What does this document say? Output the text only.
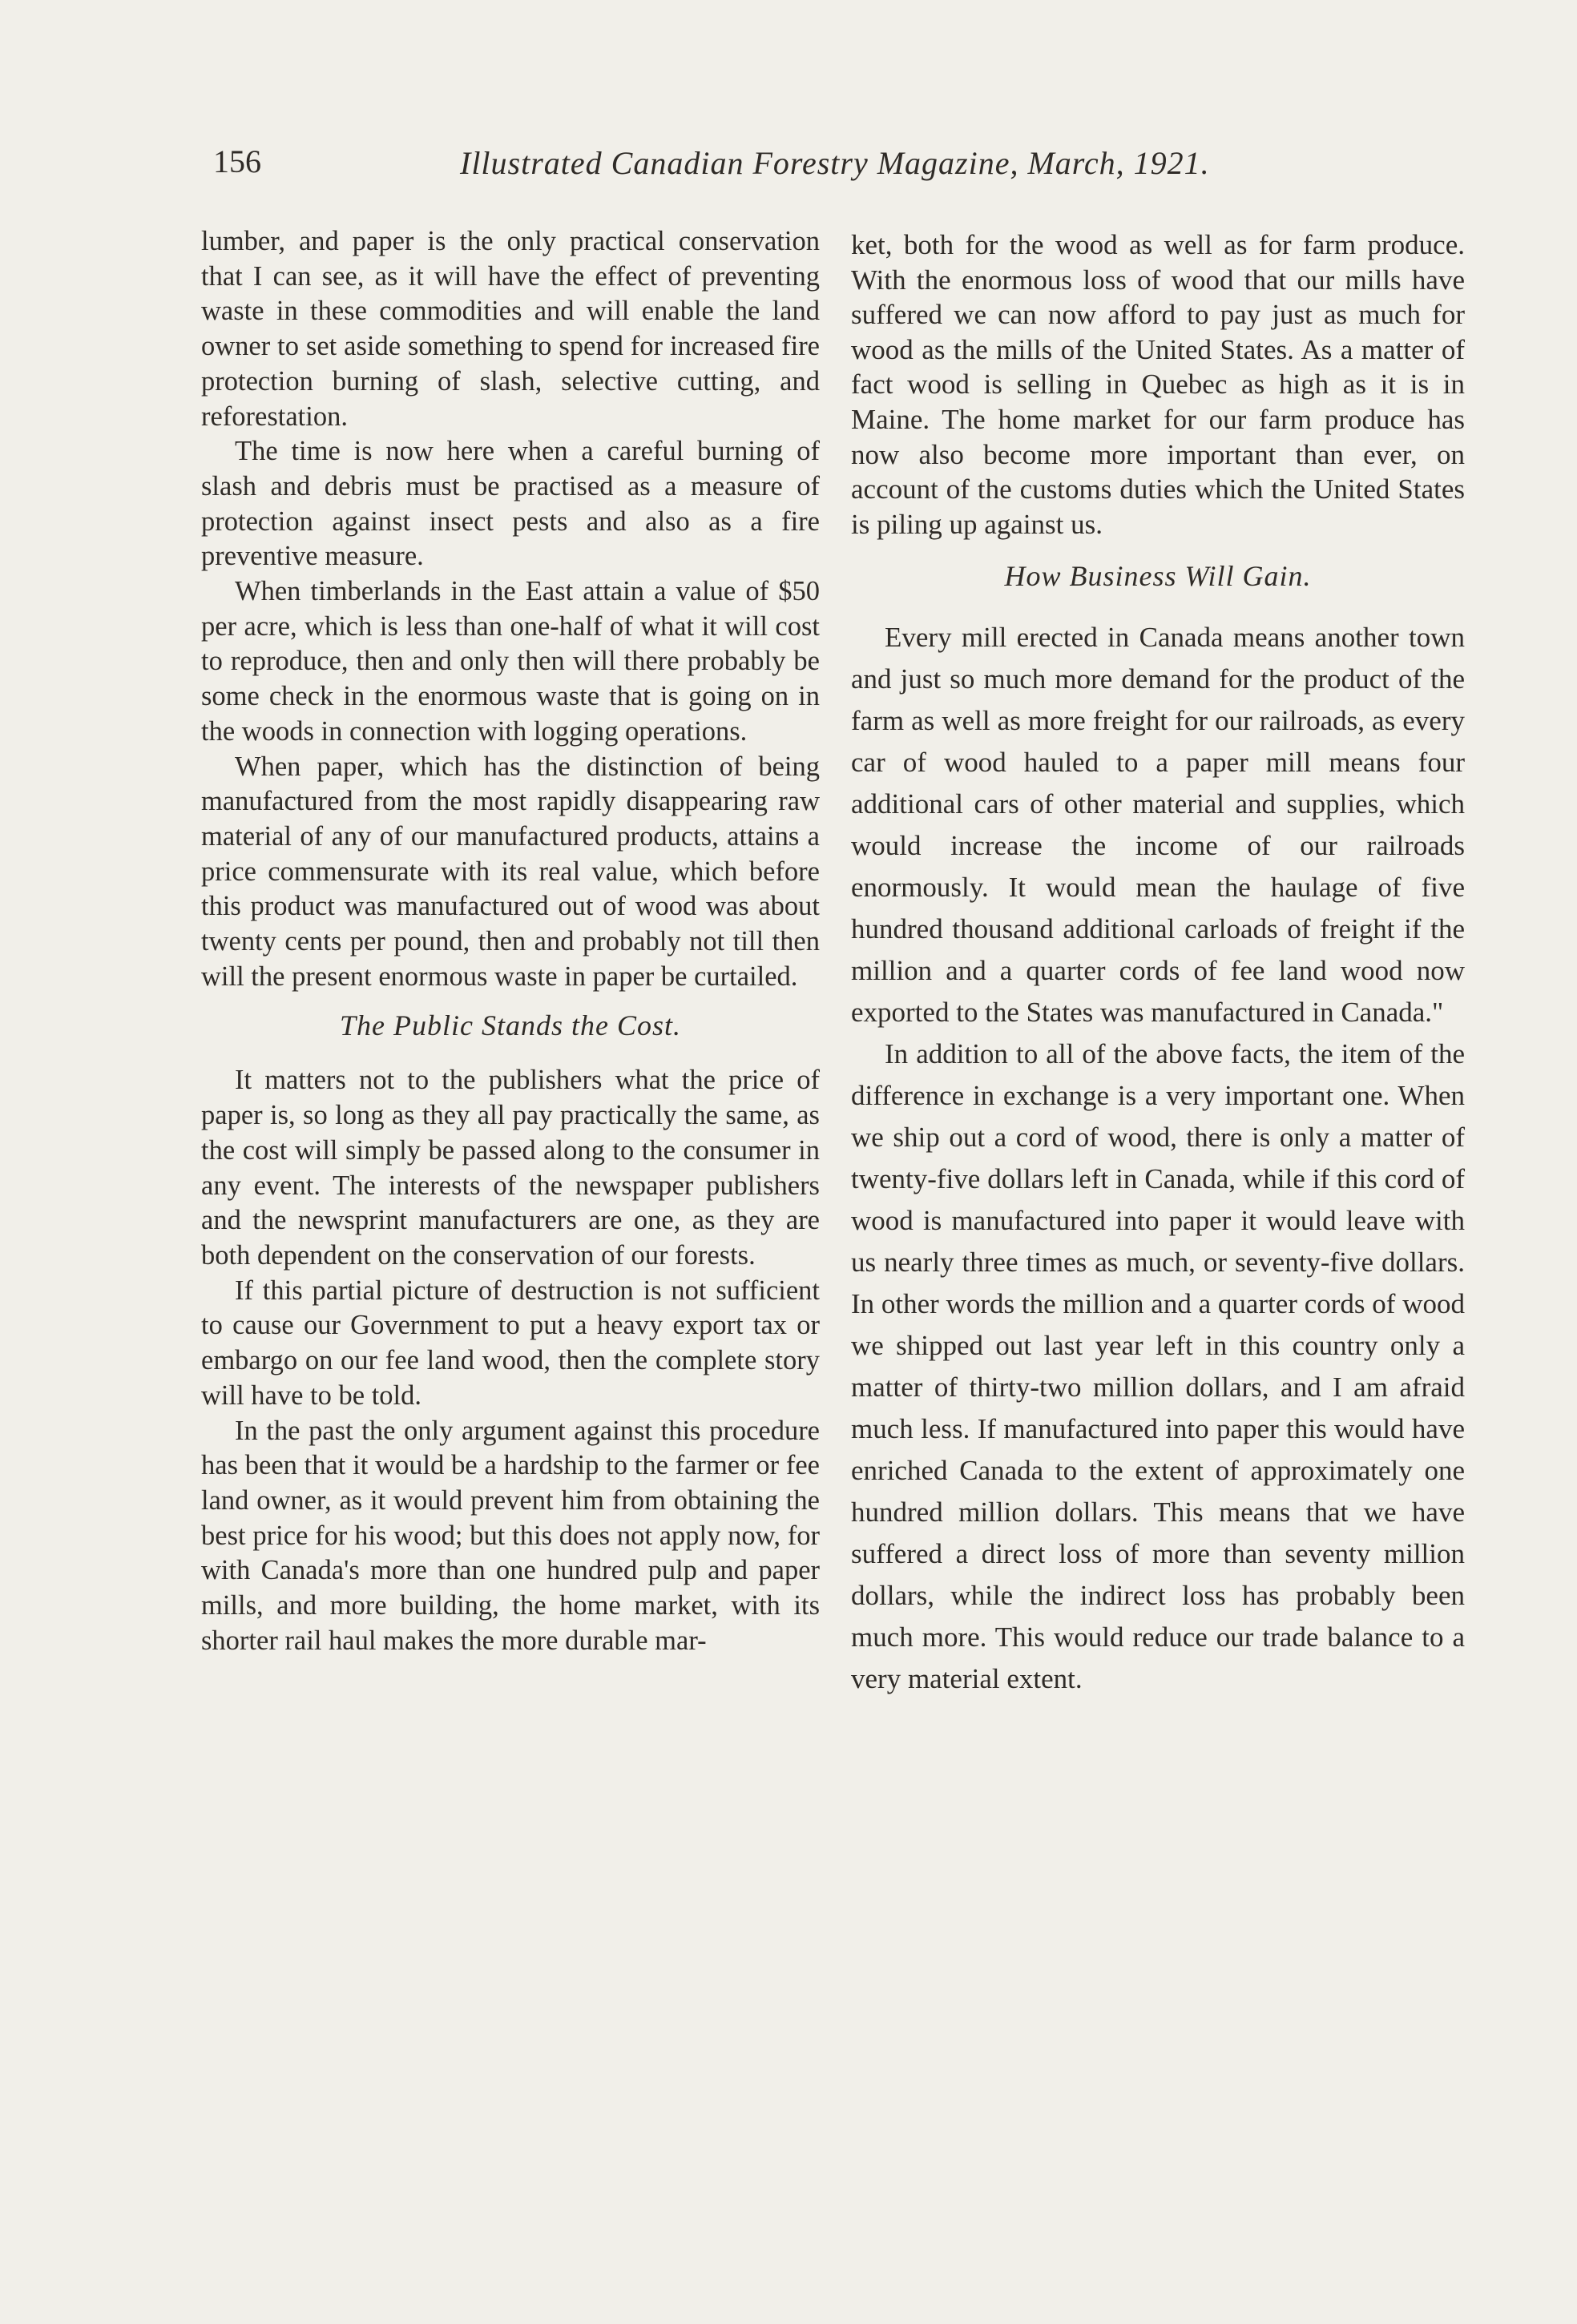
156	Illustrated Canadian Forestry Magazine, March, 1921.

lumber, and paper is the only practical conservation that I can see, as it will have the effect of preventing waste in these commodities and will enable the land owner to set aside something to spend for increased fire protection burning of slash, selective cutting, and reforestation.

The time is now here when a careful burning of slash and debris must be practised as a measure of protection against insect pests and also as a fire preventive measure.

When timberlands in the East attain a value of $50 per acre, which is less than one-half of what it will cost to reproduce, then and only then will there probably be some check in the enormous waste that is going on in the woods in connection with logging operations.

When paper, which has the distinction of being manufactured from the most rapidly disappearing raw material of any of our manufactured products, attains a price commensurate with its real value, which before this product was manufactured out of wood was about twenty cents per pound, then and probably not till then will the present enormous waste in paper be curtailed.

The Public Stands the Cost.

It matters not to the publishers what the price of paper is, so long as they all pay practically the same, as the cost will simply be passed along to the consumer in any event. The interests of the newspaper publishers and the newsprint manufacturers are one, as they are both dependent on the conservation of our forests.

If this partial picture of destruction is not sufficient to cause our Government to put a heavy export tax or embargo on our fee land wood, then the complete story will have to be told.

In the past the only argument against this procedure has been that it would be a hardship to the farmer or fee land owner, as it would prevent him from obtaining the best price for his wood; but this does not apply now, for with Canada's more than one hundred pulp and paper mills, and more building, the home market, with its shorter rail haul makes the more durable mar-

ket, both for the wood as well as for farm produce. With the enormous loss of wood that our mills have suffered we can now afford to pay just as much for wood as the mills of the United States. As a matter of fact wood is selling in Quebec as high as it is in Maine. The home market for our farm produce has now also become more important than ever, on account of the customs duties which the United States is piling up against us.

How Business Will Gain.

Every mill erected in Canada means another town and just so much more demand for the product of the farm as well as more freight for our railroads, as every car of wood hauled to a paper mill means four additional cars of other material and supplies, which would increase the income of our railroads enormously. It would mean the haulage of five hundred thousand additional carloads of freight if the million and a quarter cords of fee land wood now exported to the States was manufactured in Canada."

In addition to all of the above facts, the item of the difference in exchange is a very important one. When we ship out a cord of wood, there is only a matter of twenty-five dollars left in Canada, while if this cord of wood is manufactured into paper it would leave with us nearly three times as much, or seventy-five dollars. In other words the million and a quarter cords of wood we shipped out last year left in this country only a matter of thirty-two million dollars, and I am afraid much less. If manufactured into paper this would have enriched Canada to the extent of approximately one hundred million dollars. This means that we have suffered a direct loss of more than seventy million dollars, while the indirect loss has probably been much more. This would reduce our trade balance to a very material extent.
